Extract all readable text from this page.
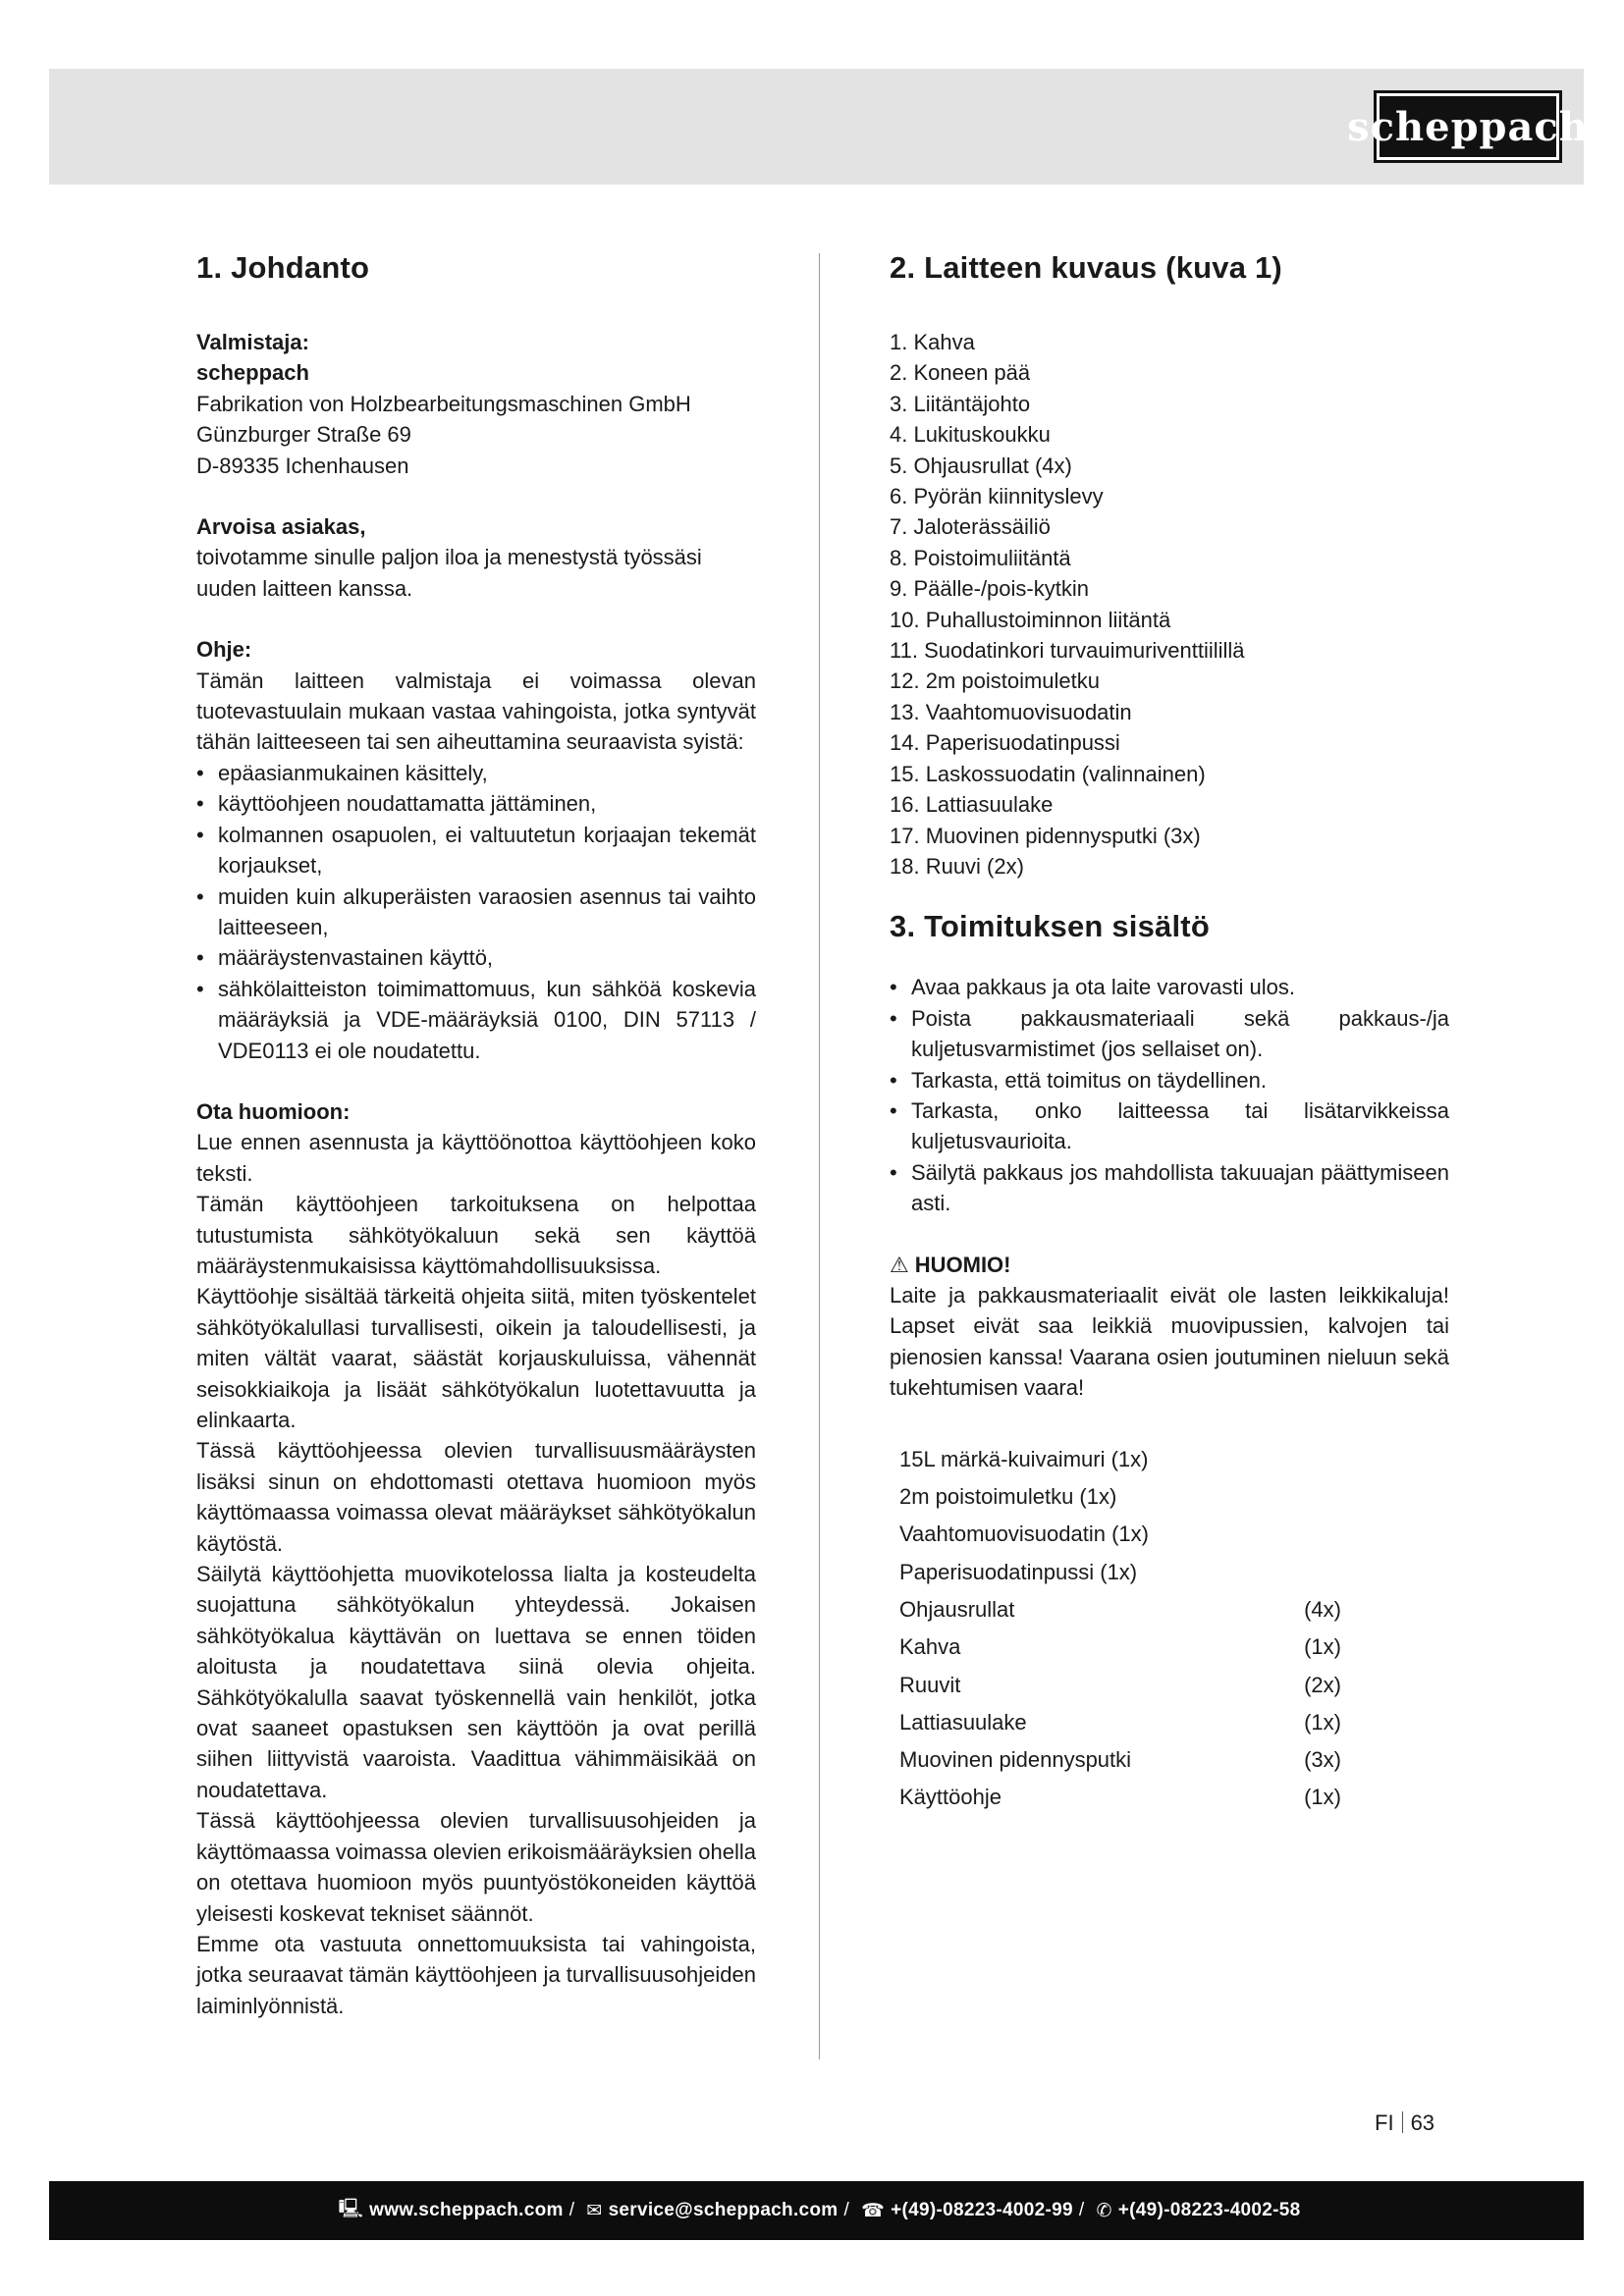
scheppach
1. Johdanto

Valmistaja:

scheppach

Fabrikation von Holzbearbeitungsmaschinen GmbH

Günzburger Straße 69

D-89335 Ichenhausen

Arvoisa asiakas,

toivotamme sinulle paljon iloa ja menestystä työssäsi uuden laitteen kanssa.

Ohje:

Tämän laitteen valmistaja ei voimassa olevan tuotevastuulain mukaan vastaa vahingoista, jotka syntyvät tähän laitteeseen tai sen aiheuttamina seuraavista syistä:

• epäasianmukainen käsittely,
• käyttöohjeen noudattamatta jättäminen,
• kolmannen osapuolen, ei valtuutetun korjaajan tekemät korjaukset,
• muiden kuin alkuperäisten varaosien asennus tai vaihto laitteeseen,
• määräystenvastainen käyttö,
• sähkölaitteiston toimimattomuus, kun sähköä koskevia määräyksiä ja VDE-määräyksiä 0100, DIN 57113 / VDE0113 ei ole noudatettu.

Ota huomioon:

Lue ennen asennusta ja käyttöönottoa käyttöohjeen koko teksti.

Tämän käyttöohjeen tarkoituksena on helpottaa tutustumista sähkötyökaluun sekä sen käyttöä määräystenmukaisissa käyttömahdollisuuksissa.

Käyttöohje sisältää tärkeitä ohjeita siitä, miten työskentelet sähkötyökalullasi turvallisesti, oikein ja taloudellisesti, ja miten vältät vaarat, säästät korjauskuluissa, vähennät seisokkiaikoja ja lisäät sähkötyökalun luotettavuutta ja elinkaarta.

Tässä käyttöohjeessa olevien turvallisuusmääräysten lisäksi sinun on ehdottomasti otettava huomioon myös käyttömaassa voimassa olevat määräykset sähkötyökalun käytöstä.

Säilytä käyttöohjetta muovikotelossa lialta ja kosteudelta suojattuna sähkötyökalun yhteydessä. Jokaisen sähkötyökalua käyttävän on luettava se ennen töiden aloitusta ja noudatettava siinä olevia ohjeita. Sähkötyökalulla saavat työskennellä vain henkilöt, jotka ovat saaneet opastuksen sen käyttöön ja ovat perillä siihen liittyvistä vaaroista. Vaadittua vähimmäisikää on noudatettava.

Tässä käyttöohjeessa olevien turvallisuusohjeiden ja käyttömaassa voimassa olevien erikoismääräyksien ohella on otettava huomioon myös puuntyöstökoneiden käyttöä yleisesti koskevat tekniset säännöt.

Emme ota vastuuta onnettomuuksista tai vahingoista, jotka seuraavat tämän käyttöohjeen ja turvallisuusohjeiden laiminlyönnistä.

2. Laitteen kuvaus (kuva 1)
1. Kahva
2. Koneen pää
3. Liitäntäjohto
4. Lukituskoukku
5. Ohjausrullat (4x)
6. Pyörän kiinnityslevy
7. Jaloterässäiliö
8. Poistoimuliitäntä
9. Päälle-/pois-kytkin
10. Puhallustoiminnon liitäntä
11. Suodatinkori turvauimuriventtiilillä
12. 2m poistoimuletku
13. Vaahtomuovisuodatin
14. Paperisuodatinpussi
15. Laskossuodatin (valinnainen)
16. Lattiasuulake
17. Muovinen pidennysputki (3x)
18. Ruuvi (2x)
3. Toimituksen sisältö
• Avaa pakkaus ja ota laite varovasti ulos.
• Poista pakkausmateriaali sekä pakkaus-/ja kuljetusvarmistimet (jos sellaiset on).
• Tarkasta, että toimitus on täydellinen.
• Tarkasta, onko laitteessa tai lisätarvikkeissa kuljetusvaurioita.
• Säilytä pakkaus jos mahdollista takuuajan päättymiseen asti.
⚠ HUOMIO!

Laite ja pakkausmateriaalit eivät ole lasten leikkikaluja! Lapset eivät saa leikkiä muovipussien, kalvojen tai pienosien kanssa! Vaarana osien joutuminen nieluun sekä tukehtumisen vaara!

15L märkä-kuivaimuri (1x)	
2m poistoimuletku (1x)	
Vaahtomuovisuodatin (1x)	
Paperisuodatinpussi (1x)	
Ohjausrullat	(4x)
Kahva	(1x)
Ruuvit	(2x)
Lattiasuulake	(1x)
Muovinen pidennysputki	(3x)
Käyttöohje	(1x)
FI 63
🖳 www.scheppach.com / ✉ service@scheppach.com / ☎ +(49)-08223-4002-99 / ✆ +(49)-08223-4002-58
